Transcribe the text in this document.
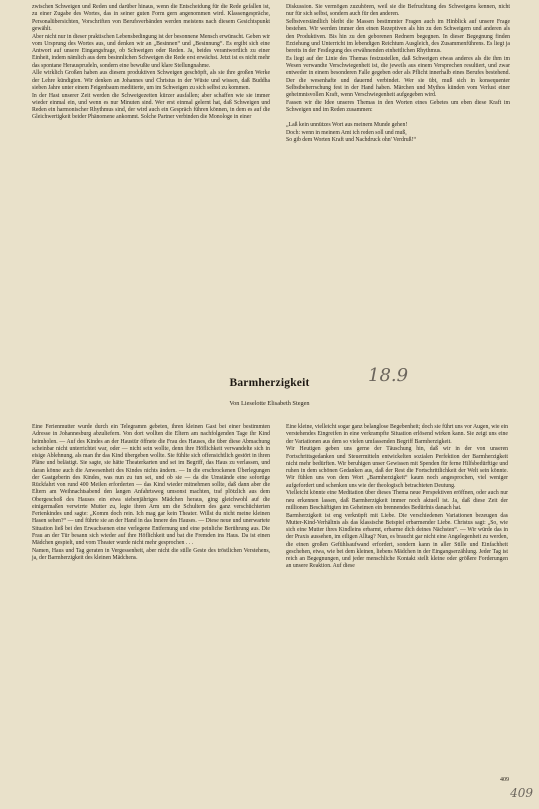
zwischen Schweigen und Reden und darüber hinaus, wenn die Entscheidung für die Rede gefallen ist, zu einer Zugabe des Wortes, das in seiner guten Form gern angenommen wird. Klassengespräche, Personalübersichten, Vorschriften von Berufsverbänden werden meistens nach diesem Gesichtspunkt gewählt.

Aber nicht nur in dieser praktischen Lebensbedingung ist der besonnene Mensch erwünscht. Geben wir vom Ursprung des Wortes aus, und denken wir an „Besinnen“ und „Besinnung“. Es ergibt sich eine Antwort auf unsere Eingangsfrage, ob Schweigen oder Reden. Ja, beides verantwortlich zu einer Einheit, indem nämlich aus dem besinnlichen Schweigen die Rede erst erwächst. Jetzt ist es nicht mehr das spontane Herausprudeln, sondern eine bewußte und klare Stellungnahme.

Alle wirklich Großen haben aus diesem produktiven Schweigen geschöpft, als sie ihre großen Werke der Lehre kündigten. Wir denken an Johannes und Christus in der Wüste und wissen, daß Buddha sieben Jahre unter einem Feigenbaum meditierte, um im Schweigen zu sich selbst zu kommen.

In der Hast unserer Zeit werden die Schweigezeiten kürzer ausfallen; aber schaffen wie sie immer wieder einmal ein, und wenn es nur Minuten sind. Wer erst einmal gelernt hat, daß Schweigen und Reden ein harmonischer Rhythmus sind, der wird auch ein Gespräch führen können, in dem es auf die Gleichwertigkeit beider Phänomene ankommt. Solche Partner verbinden die Monologe in einer

Diskussion. Sie vermögen zuzuhören, weil sie die Befruchtung des Schweigens kennen, nicht nur für sich selbst, sondern auch für den anderen.

Selbstverständlich bleibt die Massen bestimmter Fragen auch im Hinblick auf unsere Frage bestehen. Wir werden immer den einen Rezeptiven als hin zu den Schweigern und anderen als den Produktiven. Bis hin zu den geborenen Rednern begegnen. In dieser Begegnung finden Erziehung und Unterricht im lebendigen Reichtum Ausgleich, des Zusammenführens. Es liegt ja bereits in der Festlegung des erwähnenden einheitlichen Rhythmus.

Es liegt auf der Linie des Themas festzustellen, daß Schweigen etwas anderes als die ihm im Wesen verwandte Verschwiegenheit ist, die jeweils aus einem Versprechen resultiert, und zwar entweder in einem besonderen Falle gegeben oder als Pflicht innerhalb eines Berufes bestehend. Der die wesenhafte und dauernd verbindet. Wer sie übt, muß sich in konsequenter Selbstbeherrschung fest in der Hand haben. Märchen und Mythos künden vom Verlust einer geheimnisvollen Kraft, wenn Verschwiegenheit aufgegeben wird.

Fassen wir die Idee unseres Themas in den Worten eines Gebetes um eben diese Kraft im Schweigen und im Reden zusammen:

„Laß kein unnützes Wort aus meinem Munde gehen!

Doch: wenn in meinem Amt ich reden soll und muß,

So gib dem Worten Kraft und Nachdruck ohn' Verdruß!“

Barmherzigkeit
Von Lieselotte Elisabeth Stegen
18.9

Eine Ferienmutter wurde durch ein Telegramm gebeten, ihren kleinen Gast bei einer bestimmten Adresse in Johannesburg abzuliefern. Von dort wollten die Eltern am nachfolgenden Tage ihr Kind heimholen. — Auf des Kindes an der Haustür öffnete die Frau des Hauses, die über diese Abmachung scheinbar nicht unterrichtet war, oder — nicht sein wollte, denn ihre Höflichkeit verwandelte sich in eisige Ablehnung, als man ihr das Kind übergeben wollte. Sie fühlte sich offensichtlich gestört in ihren Pläne und belästigt. Sie sagte, sie hätte Theaterkarten und sei im Begriff, das Haus zu verlassen, und daran könne auch die Anwesenheit des Kindes nichts ändern. — In die erschrockenen Überlegungen der Gastgeberin des Kindes, was nun zu tun sei, und ob sie — da die Umstände eine sofortige Rückfahrt von rund 400 Meilen erforderten — das Kind wieder mitnehmen sollte, daß dann aber die Eltern am Weihnachtsabend den langen Anfahrtsweg umsonst machten, traf plötzlich aus dem Obergeschoß des Hauses ein etwa siebenjähriges Mädchen heraus, ging gleichwohl auf die einigermaßen verwirrte Mutter zu, legte ihren Arm um die Schultern des ganz verschüchterten Ferienkindes und sagte: „Komm doch rein. Ich mag gar kein Theater. Willst du nicht meine kleinen Hasen sehen?“ — und führte sie an der Hand in das Innere des Hauses. — Diese neue und unerwartete Situation ließ bei den Erwachsenen eine verlegene Entfernung und eine peinliche Berührung aus. Die Frau an der Tür besann sich wieder auf ihre Höflichkeit und bat die Fremden ins Haus. Da ist einen Mädchen gespielt, und vom Theater wurde nicht mehr gesprochen . . .

Namen, Haus und Tag geraten in Vergessenheit, aber nicht die stille Geste des tröstlichen Verstehens, ja, der Barmherzigkeit des kleinen Mädchens.

Eine kleine, vielleicht sogar ganz belanglose Begebenheit; doch sie führt uns vor Augen, wie ein verstehendes Eingreifen in eine verkrampfte Situation erlösend wirken kann. Sie zeigt uns eine der Variationen aus dem so vielen umfassenden Begriff Barmherzigkeit.

Wir Heutigen geben uns gerne der Täuschung hin, daß wir in der von unseren Fortschrittsgedanken und Steuermitteln entwickelten sozialen Perfektion der Barmherzigkeit nicht mehr bedürften. Wir beruhigen unser Gewissen mit Spenden für ferne Hilfsbedürftige und ruhen in dem schönen Gedanken aus, daß der Rest die Fortschrittlichkeit der Welt sein könnte. Wir fühlen uns von dem Wort „Barmherzigkeit“ kaum noch angesprochen, viel weniger aufgefordert und schenken uns wie der theologisch betrachteten Deutung.

Vielleicht könnte eine Meditation über dieses Thema neue Perspektiven eröffnen, oder auch nur neu erkennen lassen, daß Barmherzigkeit immer noch aktuell ist. Ja, daß diese Zeit der millionen Beschäftigten im Geheimen ein brennendes Bedürfnis danach hat.

Barmherzigkeit ist eng verknüpft mit Liebe. Die verschiedenen Variationen bezeugen das Mutter-Kind-Verhältnis als das klassische Beispiel erbarmender Liebe. Christus sagt: „So, wie sich eine Mutter ihres Kindleins erbarmt, erbarme dich deines Nächsten“. — Wir würde das in der Praxis aussehen, im eiligen Alltag? Nun, es braucht gar nicht eine Angelegenheit zu werden, die einen großen Gefühlsaufwand erfordert, sondern kann in aller Stille und Einfachheit geschehen, etwa, wie bei dem kleinen, liebens Mädchen in der Eingangserzählung. Jeder Tag ist reich an Begegnungen, und jeder menschliche Kontakt stellt kleine oder größere Forderungen an unsere Reaktion. Auf diese

409
409
